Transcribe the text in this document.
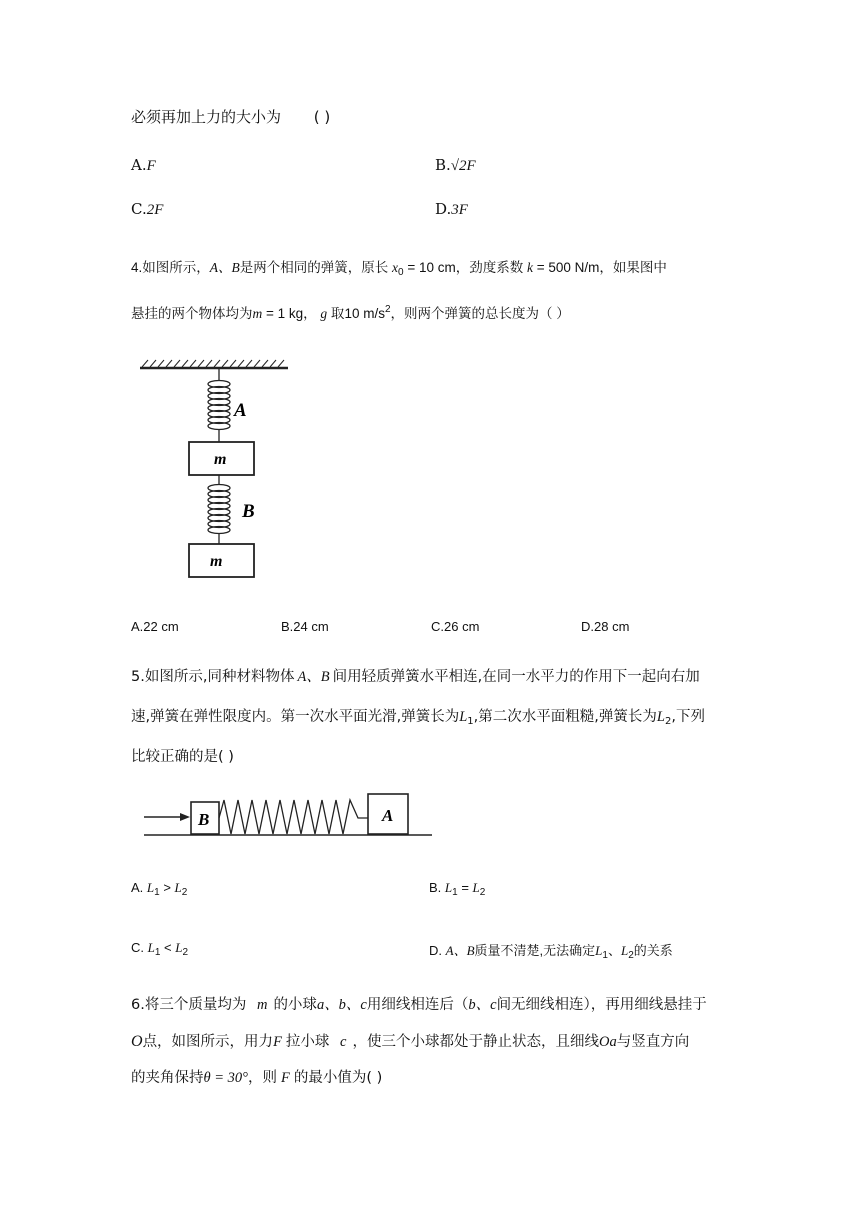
必须再加上力的大小为 ( )
A.F	B.√2F
C.2F	D.3F
4.如图所示，A、B是两个相同的弹簧，原长 $x_0 = 10$ cm，劲度系数 k = 500 N/m，如果图中
悬挂的两个物体均为m = 1 kg， g 取10 $m/s^2$，则两个弹簧的总长度为（ ）
A
m
B
m
A.22 cm	B.24 cm	C.26 cm	D.28 cm
5.如图所示,同种材料物体 A、B 间用轻质弹簧水平相连,在同一水平力的作用下一起向右加
速,弹簧在弹性限度内。第一次水平面光滑,弹簧长为$L_1$,第二次水平面粗糙,弹簧长为$L_2$,下列
比较正确的是( )
B	A
A. $L_1 > L_2$	B. $L_1 = L_2$
C. $L_1 < L_2$	D. A、B质量不清楚,无法确定$L_1$、$L_2$的关系
6.将三个质量均为 m 的小球a、b、c用细线相连后（b、c间无细线相连），再用细线悬挂于
O点，如图所示，用力F 拉小球 c ，使三个小球都处于静止状态，且细线Oa与竖直方向
的夹角保持θ = 30°，则 F 的最小值为( )
